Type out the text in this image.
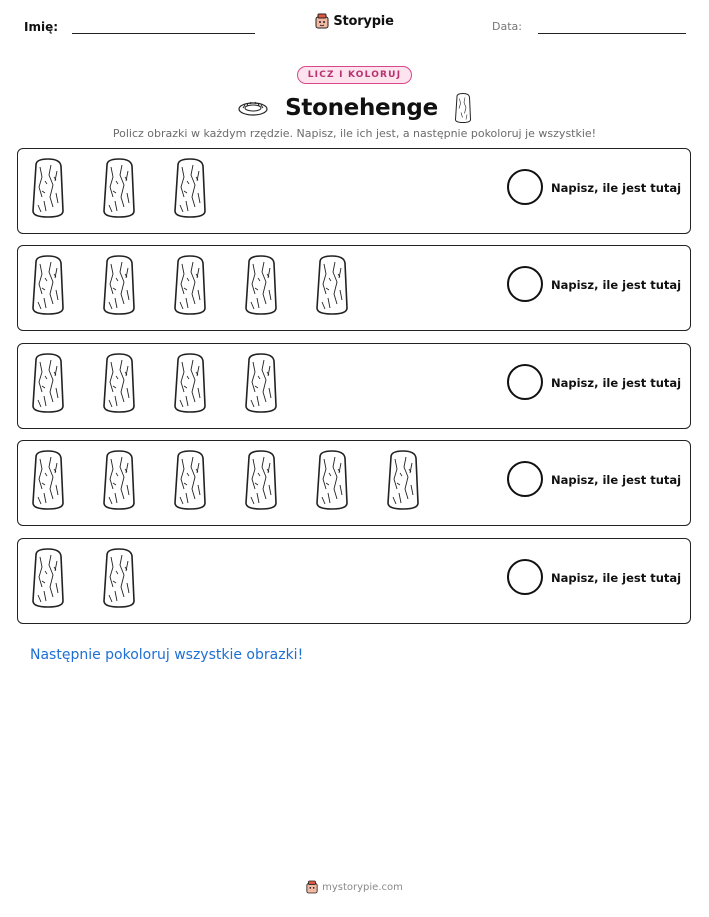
Imię:	Storypie	Data:
LICZ I KOLORUJ
Stonehenge
Policz obrazki w każdym rzędzie. Napisz, ile ich jest, a następnie pokoloruj je wszystkie!
Napisz, ile jest tutaj
Napisz, ile jest tutaj
Napisz, ile jest tutaj
Napisz, ile jest tutaj
Napisz, ile jest tutaj
Następnie pokoloruj wszystkie obrazki!
mystorypie.com
